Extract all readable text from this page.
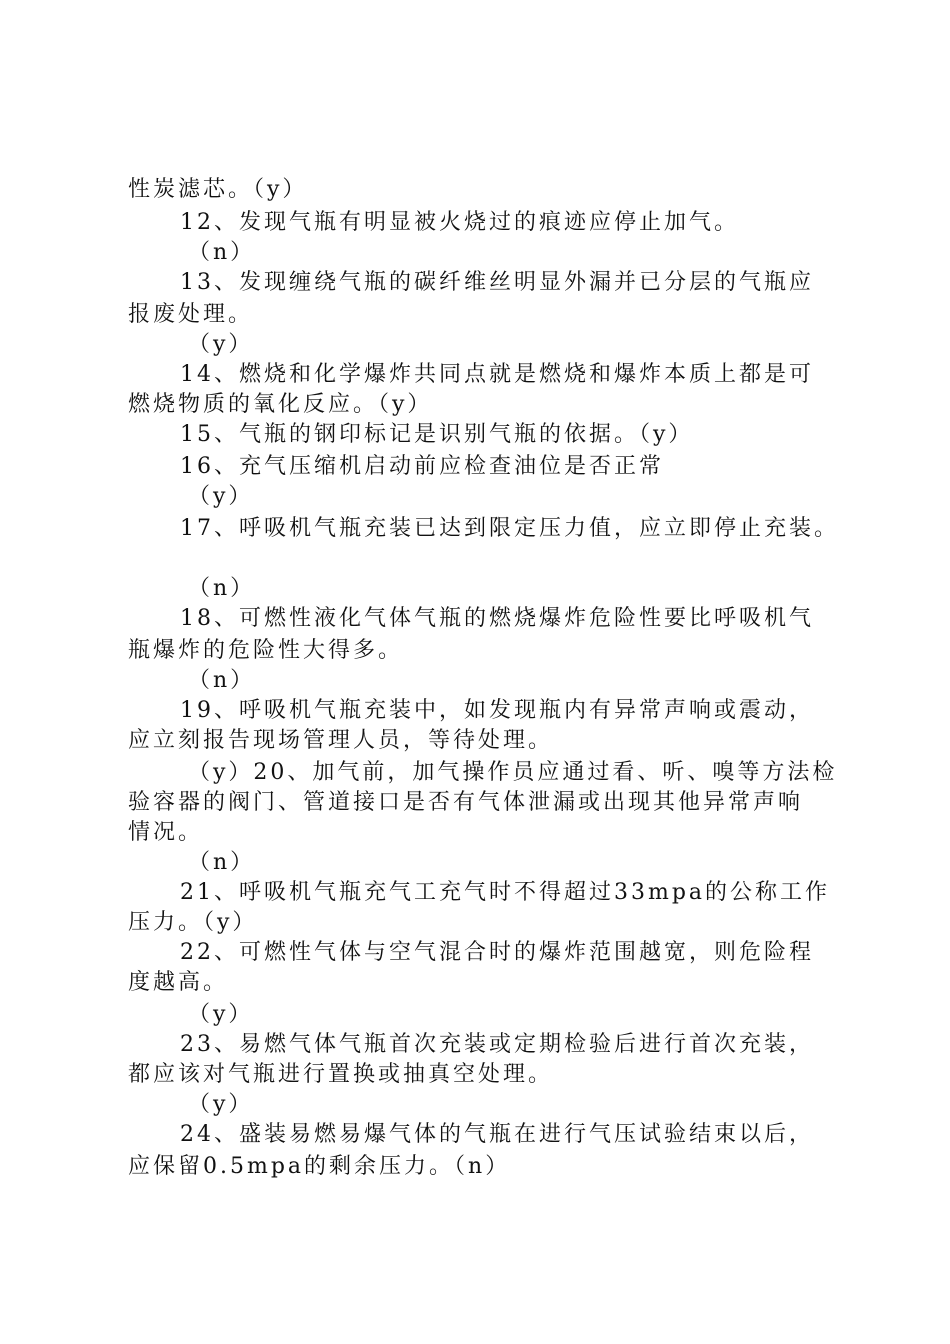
性炭滤芯。（y）
12、发现气瓶有明显被火烧过的痕迹应停止加气。
（n）
13、发现缠绕气瓶的碳纤维丝明显外漏并已分层的气瓶应
报废处理。
（y）
14、燃烧和化学爆炸共同点就是燃烧和爆炸本质上都是可
燃烧物质的氧化反应。（y）
15、气瓶的钢印标记是识别气瓶的依据。（y）
16、充气压缩机启动前应检查油位是否正常
（y）
17、呼吸机气瓶充装已达到限定压力值，应立即停止充装。
（n）
18、可燃性液化气体气瓶的燃烧爆炸危险性要比呼吸机气
瓶爆炸的危险性大得多。
（n）
19、呼吸机气瓶充装中，如发现瓶内有异常声响或震动，
应立刻报告现场管理人员，等待处理。
（y）20、加气前，加气操作员应通过看、听、嗅等方法检
验容器的阀门、管道接口是否有气体泄漏或出现其他异常声响
情况。
（n）
21、呼吸机气瓶充气工充气时不得超过33mpa的公称工作
压力。（y）
22、可燃性气体与空气混合时的爆炸范围越宽，则危险程
度越高。
（y）
23、易燃气体气瓶首次充装或定期检验后进行首次充装，
都应该对气瓶进行置换或抽真空处理。
（y）
24、盛装易燃易爆气体的气瓶在进行气压试验结束以后，
应保留0.5mpa的剩余压力。（n）
